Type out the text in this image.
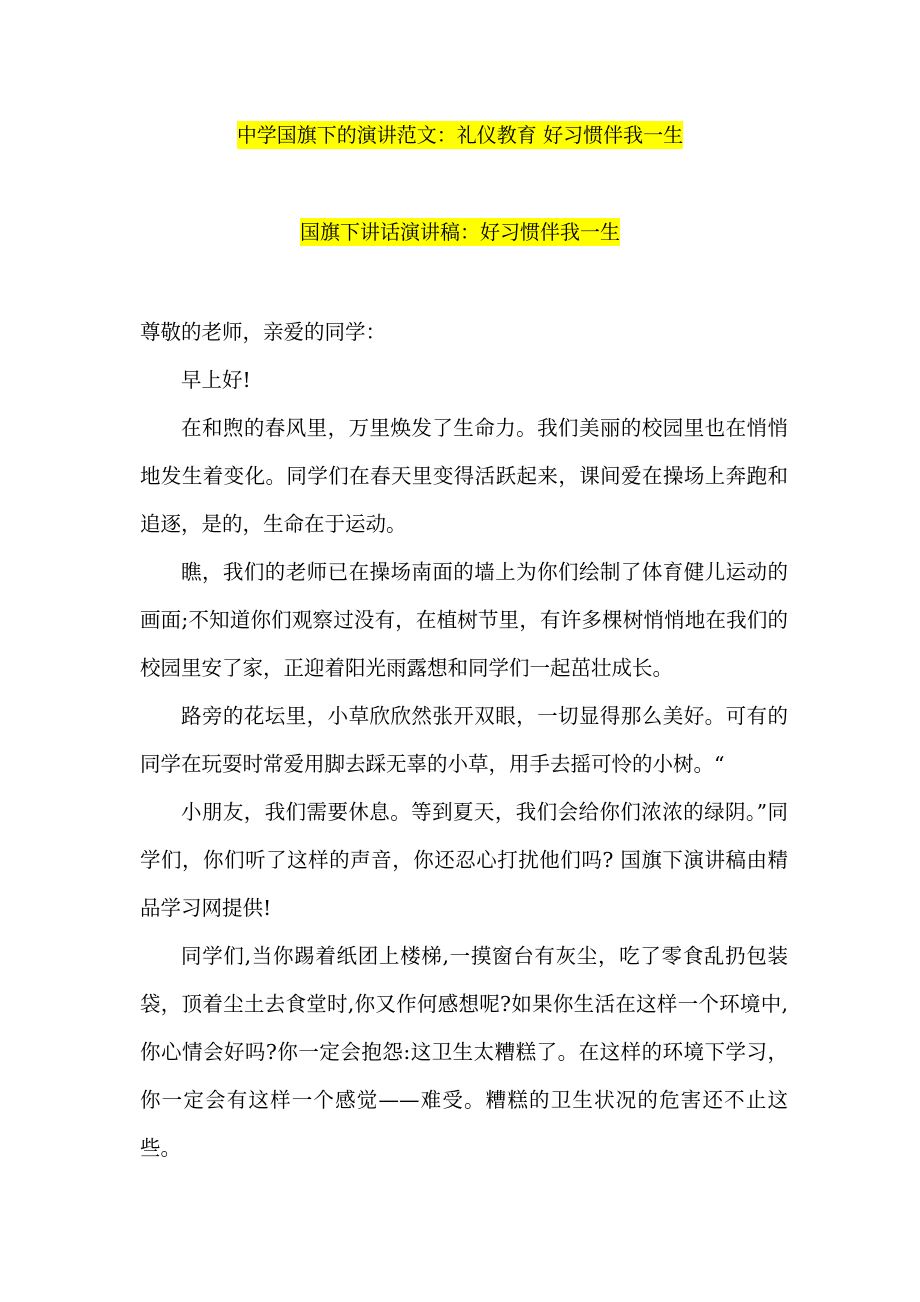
中学国旗下的演讲范文：礼仪教育 好习惯伴我一生
国旗下讲话演讲稿：好习惯伴我一生

尊敬的老师，亲爱的同学：

早上好!

在和煦的春风里，万里焕发了生命力。我们美丽的校园里也在悄悄地发生着变化。同学们在春天里变得活跃起来，课间爱在操场上奔跑和追逐，是的，生命在于运动。

瞧，我们的老师已在操场南面的墙上为你们绘制了体育健儿运动的画面;不知道你们观察过没有，在植树节里，有许多棵树悄悄地在我们的校园里安了家，正迎着阳光雨露想和同学们一起茁壮成长。

路旁的花坛里，小草欣欣然张开双眼，一切显得那么美好。可有的同学在玩耍时常爱用脚去踩无辜的小草，用手去摇可怜的小树。“

小朋友，我们需要休息。等到夏天，我们会给你们浓浓的绿阴。”同学们，你们听了这样的声音，你还忍心打扰他们吗? 国旗下演讲稿由精品学习网提供!

同学们,当你踢着纸团上楼梯,一摸窗台有灰尘，吃了零食乱扔包装袋，顶着尘土去食堂时,你又作何感想呢?如果你生活在这样一个环境中,你心情会好吗?你一定会抱怨:这卫生太糟糕了。在这样的环境下学习，你一定会有这样一个感觉——难受。糟糕的卫生状况的危害还不止这些。
